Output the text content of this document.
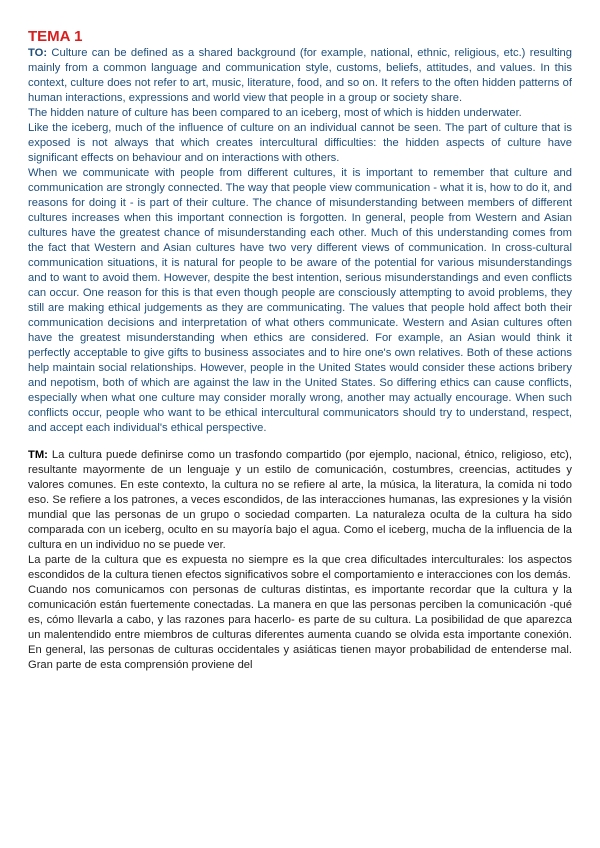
TEMA 1

TO: Culture can be defined as a shared background (for example, national, ethnic, religious, etc.) resulting mainly from a common language and communication style, customs, beliefs, attitudes, and values. In this context, culture does not refer to art, music, literature, food, and so on. It refers to the often hidden patterns of human interactions, expressions and world view that people in a group or society share.

The hidden nature of culture has been compared to an iceberg, most of which is hidden underwater.

Like the iceberg, much of the influence of culture on an individual cannot be seen. The part of culture that is exposed is not always that which creates intercultural difficulties: the hidden aspects of culture have significant effects on behaviour and on interactions with others.

When we communicate with people from different cultures, it is important to remember that culture and communication are strongly connected. The way that people view communication - what it is, how to do it, and reasons for doing it - is part of their culture. The chance of misunderstanding between members of different cultures increases when this important connection is forgotten. In general, people from Western and Asian cultures have the greatest chance of misunderstanding each other. Much of this understanding comes from the fact that Western and Asian cultures have two very different views of communication. In cross-cultural communication situations, it is natural for people to be aware of the potential for various misunderstandings and to want to avoid them. However, despite the best intention, serious misunderstandings and even conflicts can occur. One reason for this is that even though people are consciously attempting to avoid problems, they still are making ethical judgements as they are communicating. The values that people hold affect both their communication decisions and interpretation of what others communicate. Western and Asian cultures often have the greatest misunderstanding when ethics are considered. For example, an Asian would think it perfectly acceptable to give gifts to business associates and to hire one's own relatives. Both of these actions help maintain social relationships. However, people in the United States would consider these actions bribery and nepotism, both of which are against the law in the United States. So differing ethics can cause conflicts, especially when what one culture may consider morally wrong, another may actually encourage. When such conflicts occur, people who want to be ethical intercultural communicators should try to understand, respect, and accept each individual's ethical perspective.

TM: La cultura puede definirse como un trasfondo compartido (por ejemplo, nacional, étnico, religioso, etc), resultante mayormente de un lenguaje y un estilo de comunicación, costumbres, creencias, actitudes y valores comunes. En este contexto, la cultura no se refiere al arte, la música, la literatura, la comida ni todo eso. Se refiere a los patrones, a veces escondidos, de las interacciones humanas, las expresiones y la visión mundial que las personas de un grupo o sociedad comparten. La naturaleza oculta de la cultura ha sido comparada con un iceberg, oculto en su mayoría bajo el agua. Como el iceberg, mucha de la influencia de la cultura en un individuo no se puede ver.

La parte de la cultura que es expuesta no siempre es la que crea dificultades interculturales: los aspectos escondidos de la cultura tienen efectos significativos sobre el comportamiento e interacciones con los demás.

Cuando nos comunicamos con personas de culturas distintas, es importante recordar que la cultura y la comunicación están fuertemente conectadas. La manera en que las personas perciben la comunicación -qué es, cómo llevarla a cabo, y las razones para hacerlo- es parte de su cultura. La posibilidad de que aparezca un malentendido entre miembros de culturas diferentes aumenta cuando se olvida esta importante conexión. En general, las personas de culturas occidentales y asiáticas tienen mayor probabilidad de entenderse mal. Gran parte de esta comprensión proviene del
